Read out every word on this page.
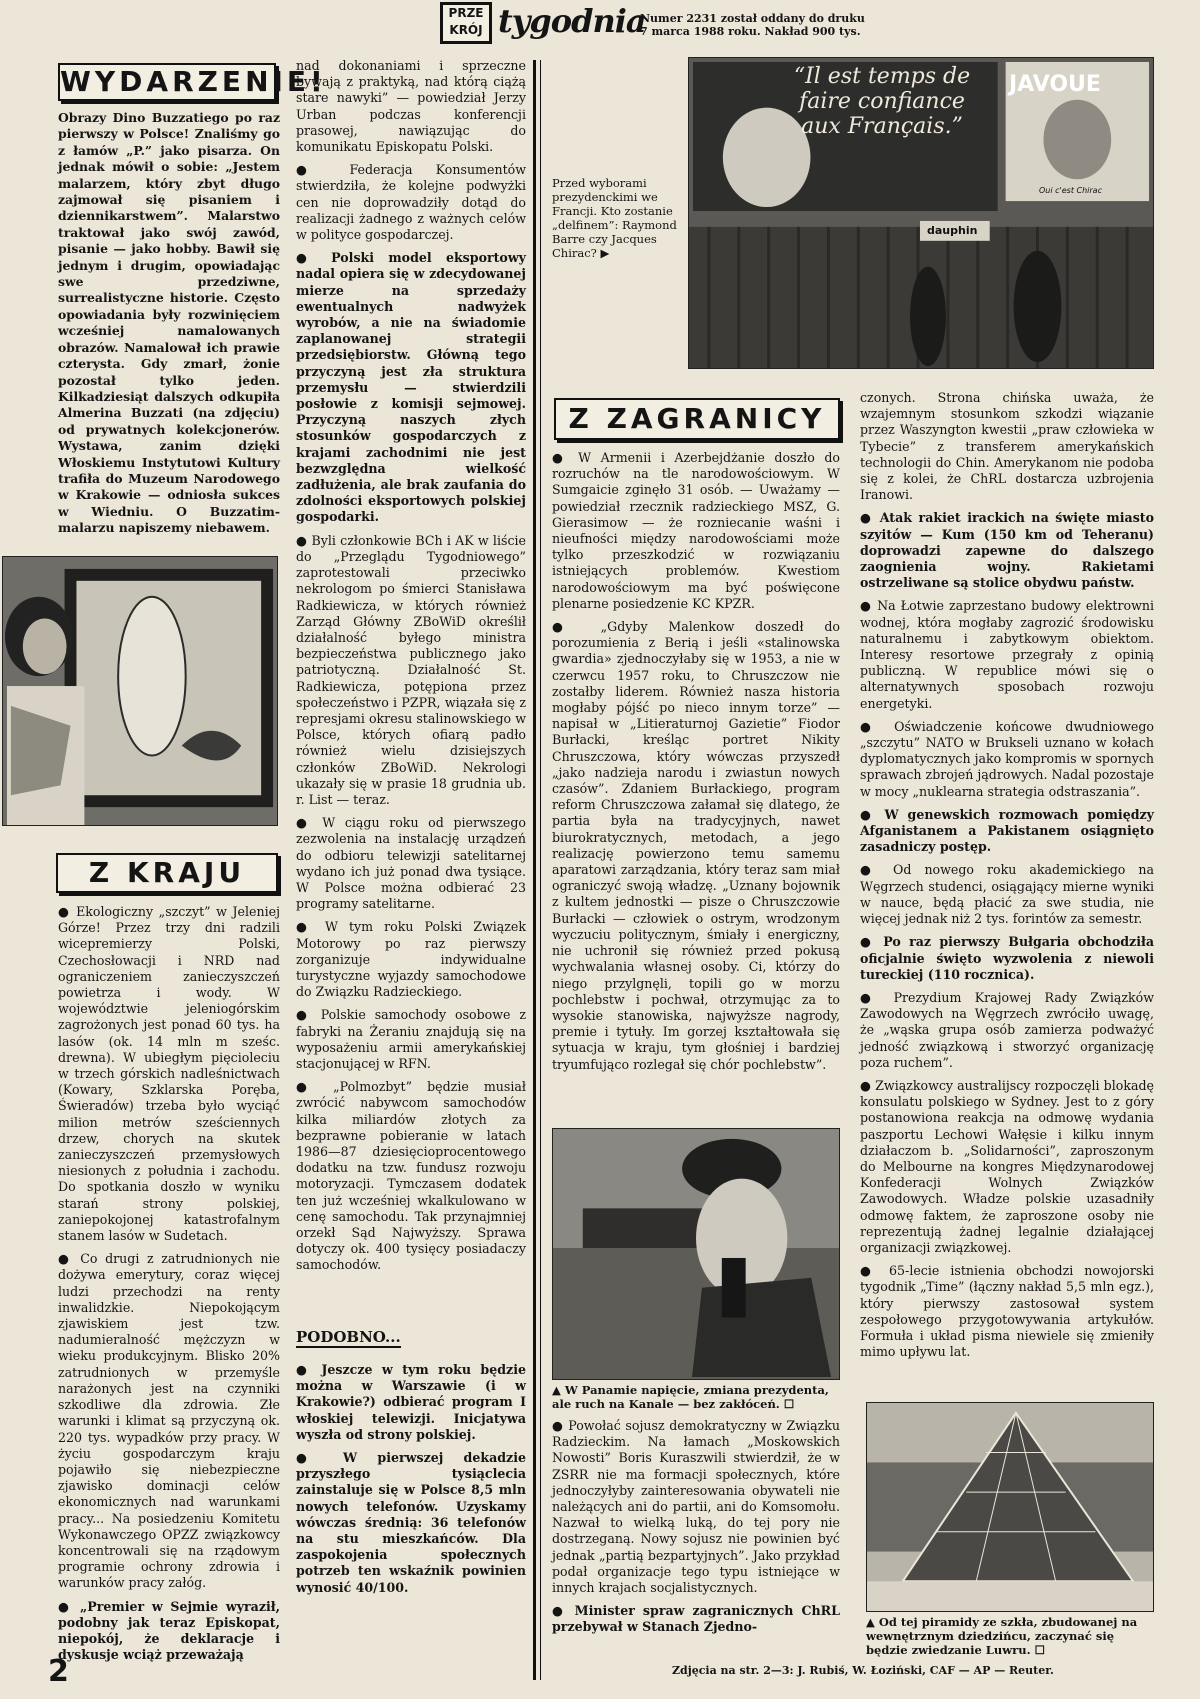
PRZE
KRÓJ tygodnia
Numer 2231 został oddany do druku
7 marca 1988 roku. Nakład 900 tys.
WYDARZENIE!

Obrazy Dino Buzzatiego po raz pierwszy w Polsce! Znaliśmy go z łamów „P.” jako pisarza. On jednak mówił o sobie: „Jestem malarzem, który zbyt długo zajmował się pisaniem i dziennikarstwem”. Malarstwo traktował jako swój zawód, pisanie — jako hobby. Bawił się jednym i drugim, opowiadając swe przedziwne, surrealistyczne historie. Często opowiadania były rozwinięciem wcześniej namalowanych obrazów. Namalował ich prawie czterysta. Gdy zmarł, żonie pozostał tylko jeden. Kilkadziesiąt dalszych odkupiła Almerina Buzzati (na zdjęciu) od prywatnych kolekcjonerów. Wystawa, zanim dzięki Włoskiemu Instytutowi Kultury trafiła do Muzeum Narodowego w Krakowie — odniosła sukces w Wiedniu. O Buzzatim-malarzu napiszemy niebawem.

Z KRAJU

● Ekologiczny „szczyt” w Jeleniej Górze! Przez trzy dni radzili wicepremierzy Polski, Czechosłowacji i NRD nad ograniczeniem zanieczyszczeń powietrza i wody. W województwie jeleniogórskim zagrożonych jest ponad 60 tys. ha lasów (ok. 14 mln m sześc. drewna). W ubiegłym pięcioleciu w trzech górskich nadleśnictwach (Kowary, Szklarska Poręba, Świeradów) trzeba było wyciąć milion metrów sześciennych drzew, chorych na skutek zanieczyszczeń przemysłowych niesionych z południa i zachodu. Do spotkania doszło w wyniku starań strony polskiej, zaniepokojonej katastrofalnym stanem lasów w Sudetach.

● Co drugi z zatrudnionych nie dożywa emerytury, coraz więcej ludzi przechodzi na renty inwalidzkie. Niepokojącym zjawiskiem jest tzw. nadumieralność mężczyzn w wieku produkcyjnym. Blisko 20% zatrudnionych w przemyśle narażonych jest na czynniki szkodliwe dla zdrowia. Złe warunki i klimat są przyczyną ok. 220 tys. wypadków przy pracy. W życiu gospodarczym kraju pojawiło się niebezpieczne zjawisko dominacji celów ekonomicznych nad warunkami pracy... Na posiedzeniu Komitetu Wykonawczego OPZZ związkowcy koncentrowali się na rządowym programie ochrony zdrowia i warunków pracy załóg.

● „Premier w Sejmie wyraził, podobny jak teraz Episkopat, niepokój, że deklaracje i dyskusje wciąż przeważają

nad dokonaniami i sprzeczne bywają z praktyką, nad którą ciążą stare nawyki” — powiedział Jerzy Urban podczas konferencji prasowej, nawiązując do komunikatu Episkopatu Polski.

● Federacja Konsumentów stwierdziła, że kolejne podwyżki cen nie doprowadziły dotąd do realizacji żadnego z ważnych celów w polityce gospodarczej.

● Polski model eksportowy nadal opiera się w zdecydowanej mierze na sprzedaży ewentualnych nadwyżek wyrobów, a nie na świadomie zaplanowanej strategii przedsiębiorstw. Główną tego przyczyną jest zła struktura przemysłu — stwierdzili posłowie z komisji sejmowej. Przyczyną naszych złych stosunków gospodarczych z krajami zachodnimi nie jest bezwzględna wielkość zadłużenia, ale brak zaufania do zdolności eksportowych polskiej gospodarki.

● Byli członkowie BCh i AK w liście do „Przeglądu Tygodniowego” zaprotestowali przeciwko nekrologom po śmierci Stanisława Radkiewicza, w których również Zarząd Główny ZBoWiD określił działalność byłego ministra bezpieczeństwa publicznego jako patriotyczną. Działalność St. Radkiewicza, potępiona przez społeczeństwo i PZPR, wiązała się z represjami okresu stalinowskiego w Polsce, których ofiarą padło również wielu dzisiejszych członków ZBoWiD. Nekrologi ukazały się w prasie 18 grudnia ub. r. List — teraz.

● W ciągu roku od pierwszego zezwolenia na instalację urządzeń do odbioru telewizji satelitarnej wydano ich już ponad dwa tysiące. W Polsce można odbierać 23 programy satelitarne.

● W tym roku Polski Związek Motorowy po raz pierwszy zorganizuje indywidualne turystyczne wyjazdy samochodowe do Związku Radzieckiego.

● Polskie samochody osobowe z fabryki na Żeraniu znajdują się na wyposażeniu armii amerykańskiej stacjonującej w RFN.

● „Polmozbyt” będzie musiał zwrócić nabywcom samochodów kilka miliardów złotych za bezprawne pobieranie w latach 1986—87 dziesięcioprocentowego dodatku na tzw. fundusz rozwoju motoryzacji. Tymczasem dodatek ten już wcześniej wkalkulowano w cenę samochodu. Tak przynajmniej orzekł Sąd Najwyższy. Sprawa dotyczy ok. 400 tysięcy posiadaczy samochodów.

PODOBNO...

● Jeszcze w tym roku będzie można w Warszawie (i w Krakowie?) odbierać program I włoskiej telewizji. Inicjatywa wyszła od strony polskiej.

● W pierwszej dekadzie przyszłego tysiąclecia zainstaluje się w Polsce 8,5 mln nowych telefonów. Uzyskamy wówczas średnią: 36 telefonów na stu mieszkańców. Dla zaspokojenia społecznych potrzeb ten wskaźnik powinien wynosić 40/100.

Przed wyborami prezydenckimi we Francji. Kto zostanie „delfinem”: Raymond Barre czy Jacques Chirac? ▶
“Il est temps de faire confiance aux Français.”
JAVOUE
Oui c'est Chirac
dauphin
Z ZAGRANICY

● W Armenii i Azerbejdżanie doszło do rozruchów na tle narodowościowym. W Sumgaicie zginęło 31 osób. — Uważamy — powiedział rzecznik radzieckiego MSZ, G. Gierasimow — że rozniecanie waśni i nieufności między narodowościami może tylko przeszkodzić w rozwiązaniu istniejących problemów. Kwestiom narodowościowym ma być poświęcone plenarne posiedzenie KC KPZR.

● „Gdyby Malenkow doszedł do porozumienia z Berią i jeśli «stalinowska gwardia» zjednoczyłaby się w 1953, a nie w czerwcu 1957 roku, to Chruszczow nie zostałby liderem. Również nasza historia mogłaby pójść po nieco innym torze” — napisał w „Litieraturnoj Gazietie” Fiodor Burłacki, kreśląc portret Nikity Chruszczowa, który wówczas przyszedł „jako nadzieja narodu i zwiastun nowych czasów”. Zdaniem Burłackiego, program reform Chruszczowa załamał się dlatego, że partia była na tradycyjnych, nawet biurokratycznych, metodach, a jego realizację powierzono temu samemu aparatowi zarządzania, który teraz sam miał ograniczyć swoją władzę. „Uznany bojownik z kultem jednostki — pisze o Chruszczowie Burłacki — człowiek o ostrym, wrodzonym wyczuciu politycznym, śmiały i energiczny, nie uchronił się również przed pokusą wychwalania własnej osoby. Ci, którzy do niego przylgnęli, topili go w morzu pochlebstw i pochwał, otrzymując za to wysokie stanowiska, najwyższe nagrody, premie i tytuły. Im gorzej kształtowała się sytuacja w kraju, tym głośniej i bardziej tryumfująco rozlegał się chór pochlebstw”.

▲ W Panamie napięcie, zmiana prezydenta, ale ruch na Kanale — bez zakłóceń. ☐

● Powołać sojusz demokratyczny w Związku Radzieckim. Na łamach „Moskowskich Nowosti” Boris Kuraszwili stwierdził, że w ZSRR nie ma formacji społecznych, które jednoczyłyby zainteresowania obywateli nie należących ani do partii, ani do Komsomołu. Nazwał to wielką luką, do tej pory nie dostrzeganą. Nowy sojusz nie powinien być jednak „partią bezpartyjnych”. Jako przykład podał organizacje tego typu istniejące w innych krajach socjalistycznych.

● Minister spraw zagranicznych ChRL przebywał w Stanach Zjedno-

czonych. Strona chińska uważa, że wzajemnym stosunkom szkodzi wiązanie przez Waszyngton kwestii „praw człowieka w Tybecie” z transferem amerykańskich technologii do Chin. Amerykanom nie podoba się z kolei, że ChRL dostarcza uzbrojenia Iranowi.

● Atak rakiet irackich na święte miasto szyitów — Kum (150 km od Teheranu) doprowadzi zapewne do dalszego zaognienia wojny. Rakietami ostrzeliwane są stolice obydwu państw.

● Na Łotwie zaprzestano budowy elektrowni wodnej, która mogłaby zagrozić środowisku naturalnemu i zabytkowym obiektom. Interesy resortowe przegrały z opinią publiczną. W republice mówi się o alternatywnych sposobach rozwoju energetyki.

● Oświadczenie końcowe dwudniowego „szczytu” NATO w Brukseli uznano w kołach dyplomatycznych jako kompromis w spornych sprawach zbrojeń jądrowych. Nadal pozostaje w mocy „nuklearna strategia odstraszania”.

● W genewskich rozmowach pomiędzy Afganistanem a Pakistanem osiągnięto zasadniczy postęp.

● Od nowego roku akademickiego na Węgrzech studenci, osiągający mierne wyniki w nauce, będą płacić za swe studia, nie więcej jednak niż 2 tys. forintów za semestr.

● Po raz pierwszy Bułgaria obchodziła oficjalnie święto wyzwolenia z niewoli tureckiej (110 rocznica).

● Prezydium Krajowej Rady Związków Zawodowych na Węgrzech zwróciło uwagę, że „wąska grupa osób zamierza podważyć jedność związkową i stworzyć organizację poza ruchem”.

● Związkowcy australijscy rozpoczęli blokadę konsulatu polskiego w Sydney. Jest to z góry postanowiona reakcja na odmowę wydania paszportu Lechowi Wałęsie i kilku innym działaczom b. „Solidarności”, zaproszonym do Melbourne na kongres Międzynarodowej Konfederacji Wolnych Związków Zawodowych. Władze polskie uzasadniły odmowę faktem, że zaproszone osoby nie reprezentują żadnej legalnie działającej organizacji związkowej.

● 65-lecie istnienia obchodzi nowojorski tygodnik „Time” (łączny nakład 5,5 mln egz.), który pierwszy zastosował system zespołowego przygotowywania artykułów. Formuła i układ pisma niewiele się zmieniły mimo upływu lat.

▲ Od tej piramidy ze szkła, zbudowanej na wewnętrznym dziedzińcu, zaczynać się będzie zwiedzanie Luwru. ☐
2	Zdjęcia na str. 2—3: J. Rubiś, W. Łoziński, CAF — AP — Reuter.
